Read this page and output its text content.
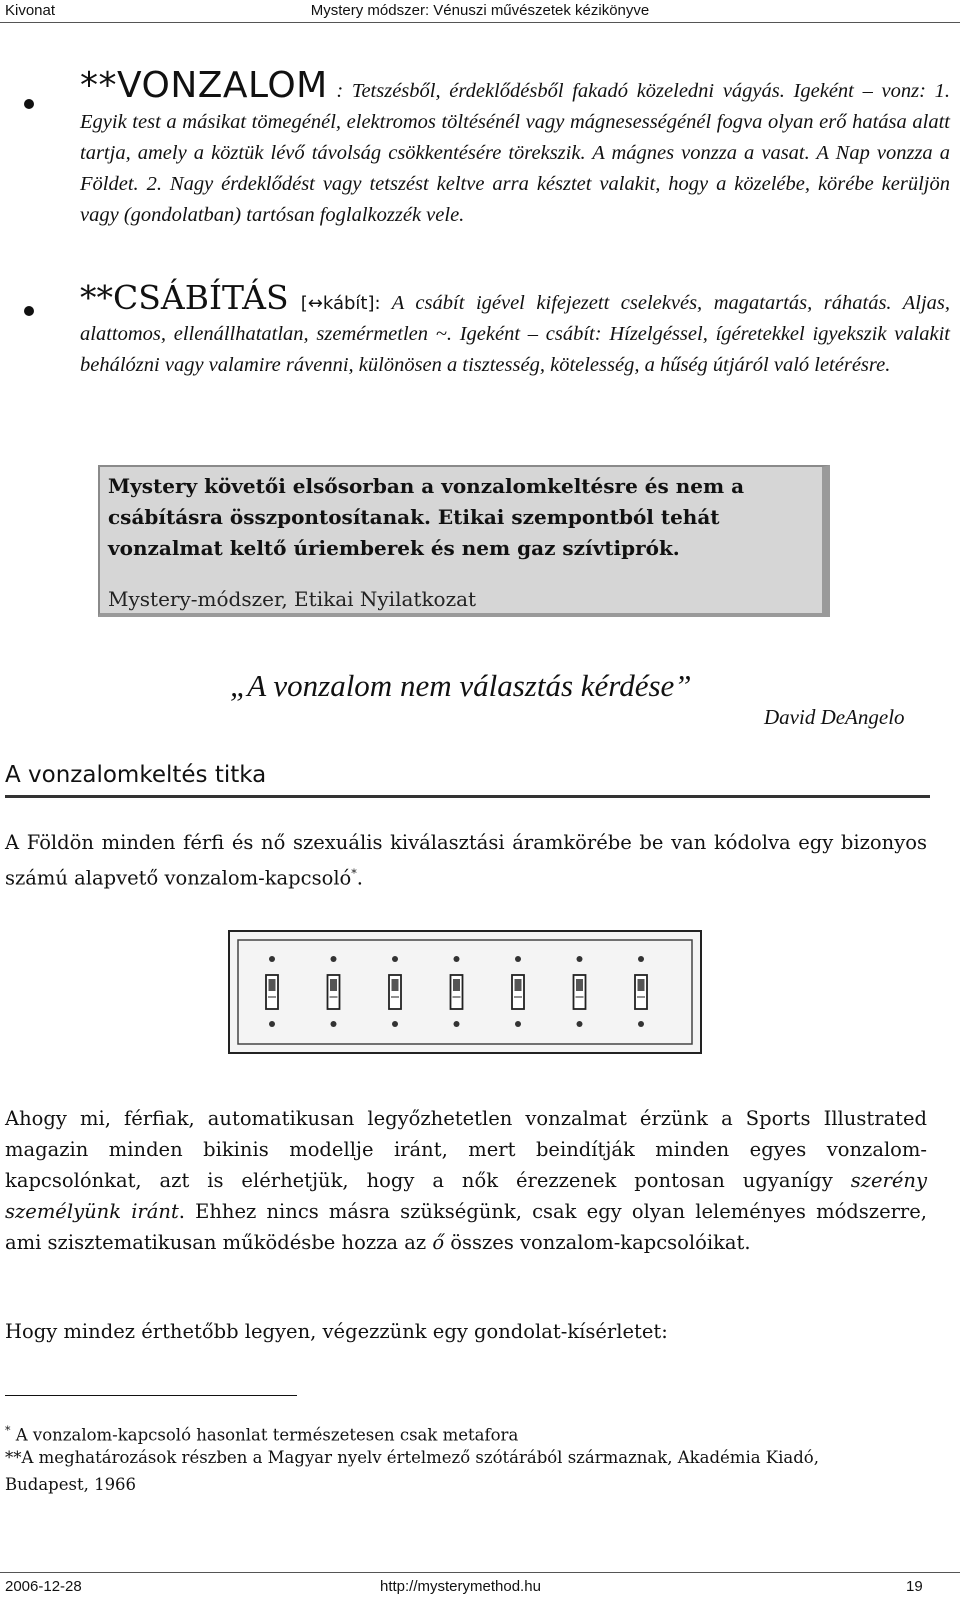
Kivonat	Mystery módszer: Vénuszi művészetek kézikönyve
**VONZALOM : Tetszésből, érdeklődésből fakadó közeledni vágyás. Igeként – vonz: 1. Egyik test a másikat tömegénél, elektromos töltésénél vagy mágnesességénél fogva olyan erő hatása alatt tartja, amely a köztük lévő távolság csökkentésére törekszik. A mágnes vonzza a vasat. A Nap vonzza a Földet. 2. Nagy érdeklődést vagy tetszést keltve arra késztet valakit, hogy a közelébe, körébe kerüljön vagy (gondolatban) tartósan foglalkozzék vele.
**CSÁBÍTÁS [↔kábít]: A csábít igével kifejezett cselekvés, magatartás, ráhatás. Aljas, alattomos, ellenállhatatlan, szemérmetlen ~. Igeként – csábít: Hízelgéssel, ígéretekkel igyekszik valakit behálózni vagy valamire rávenni, különösen a tisztesség, kötelesség, a hűség útjáról való letérésre.
Mystery követői elsősorban a vonzalomkeltésre és nem a csábításra összpontosítanak. Etikai szempontból tehát vonzalmat keltő úriemberek és nem gaz szívtiprók.
Mystery-módszer, Etikai Nyilatkozat
„A vonzalom nem választás kérdése”
David DeAngelo
A vonzalomkeltés titka
A Földön minden férfi és nő szexuális kiválasztási áramkörébe be van kódolva egy bizonyos számú alapvető vonzalom-kapcsoló*.
Ahogy mi, férfiak, automatikusan legyőzhetetlen vonzalmat érzünk a Sports Illustrated magazin minden bikinis modellje iránt, mert beindítják minden egyes vonzalom-kapcsolónkat, azt is elérhetjük, hogy a nők érezzenek pontosan ugyanígy szerény személyünk iránt. Ehhez nincs másra szükségünk, csak egy olyan leleményes módszerre, ami szisztematikusan működésbe hozza az ő összes vonzalom-kapcsolóikat.
Hogy mindez érthetőbb legyen, végezzünk egy gondolat-kísérletet:
* A vonzalom-kapcsoló hasonlat természetesen csak metafora
**A meghatározások részben a Magyar nyelv értelmező szótárából származnak, Akadémia Kiadó, Budapest, 1966
2006-12-28	http://mysterymethod.hu	19
